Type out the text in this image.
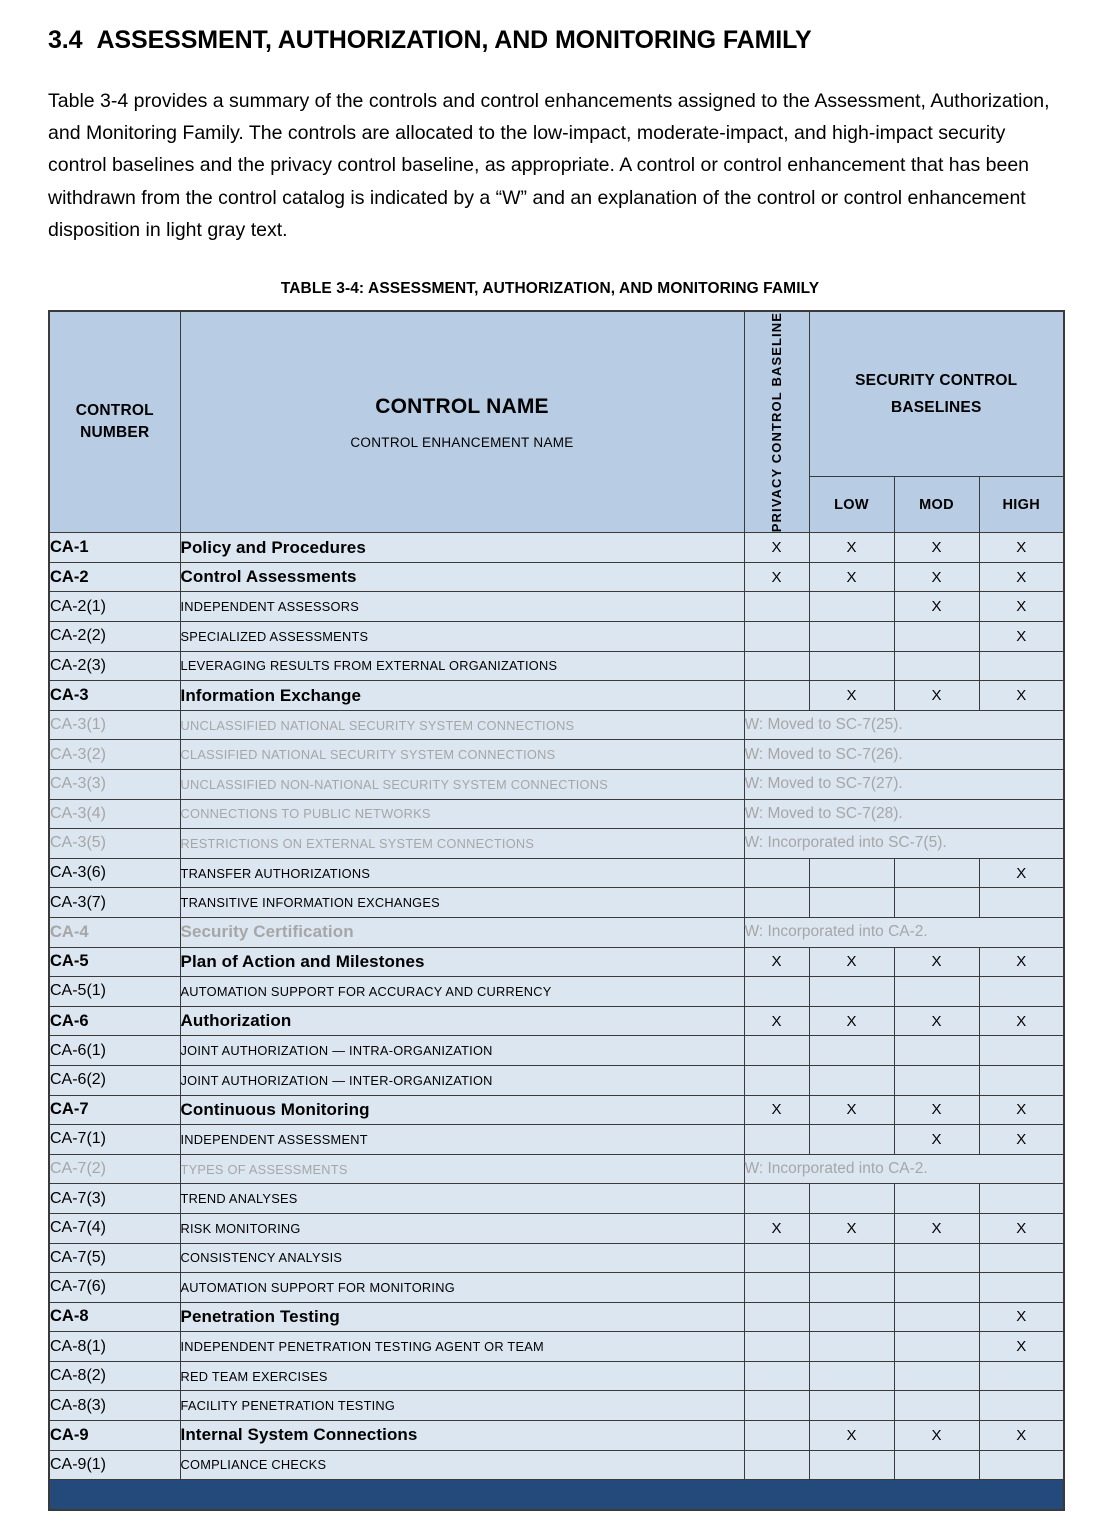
3.4 ASSESSMENT, AUTHORIZATION, AND MONITORING FAMILY

Table 3-4 provides a summary of the controls and control enhancements assigned to the Assessment, Authorization, and Monitoring Family. The controls are allocated to the low-impact, moderate-impact, and high-impact security control baselines and the privacy control baseline, as appropriate. A control or control enhancement that has been withdrawn from the control catalog is indicated by a “W” and an explanation of the control or control enhancement disposition in light gray text.

TABLE 3-4: ASSESSMENT, AUTHORIZATION, AND MONITORING FAMILY
CONTROL
NUMBER	CONTROL NAME
CONTROL ENHANCEMENT NAME	PRIVACY CONTROL BASELINE	SECURITY CONTROL
BASELINES		
			LOW	MOD	HIGH
CA-1	Policy and Procedures	X	X	X	X
CA-2	Control Assessments	X	X	X	X
CA-2(1)	INDEPENDENT ASSESSORS			X	X
CA-2(2)	SPECIALIZED ASSESSMENTS				X
CA-2(3)	LEVERAGING RESULTS FROM EXTERNAL ORGANIZATIONS				
CA-3	Information Exchange		X	X	X
CA-3(1)	UNCLASSIFIED NATIONAL SECURITY SYSTEM CONNECTIONS	W: Moved to SC-7(25).			
CA-3(2)	CLASSIFIED NATIONAL SECURITY SYSTEM CONNECTIONS	W: Moved to SC-7(26).			
CA-3(3)	UNCLASSIFIED NON-NATIONAL SECURITY SYSTEM CONNECTIONS	W: Moved to SC-7(27).			
CA-3(4)	CONNECTIONS TO PUBLIC NETWORKS	W: Moved to SC-7(28).			
CA-3(5)	RESTRICTIONS ON EXTERNAL SYSTEM CONNECTIONS	W: Incorporated into SC-7(5).			
CA-3(6)	TRANSFER AUTHORIZATIONS				X
CA-3(7)	TRANSITIVE INFORMATION EXCHANGES				
CA-4	Security Certification	W: Incorporated into CA-2.			
CA-5	Plan of Action and Milestones	X	X	X	X
CA-5(1)	AUTOMATION SUPPORT FOR ACCURACY AND CURRENCY				
CA-6	Authorization	X	X	X	X
CA-6(1)	JOINT AUTHORIZATION — INTRA-ORGANIZATION				
CA-6(2)	JOINT AUTHORIZATION — INTER-ORGANIZATION				
CA-7	Continuous Monitoring	X	X	X	X
CA-7(1)	INDEPENDENT ASSESSMENT			X	X
CA-7(2)	TYPES OF ASSESSMENTS	W: Incorporated into CA-2.			
CA-7(3)	TREND ANALYSES				
CA-7(4)	RISK MONITORING	X	X	X	X
CA-7(5)	CONSISTENCY ANALYSIS				
CA-7(6)	AUTOMATION SUPPORT FOR MONITORING				
CA-8	Penetration Testing				X
CA-8(1)	INDEPENDENT PENETRATION TESTING AGENT OR TEAM				X
CA-8(2)	RED TEAM EXERCISES				
CA-8(3)	FACILITY PENETRATION TESTING				
CA-9	Internal System Connections		X	X	X
CA-9(1)	COMPLIANCE CHECKS				
